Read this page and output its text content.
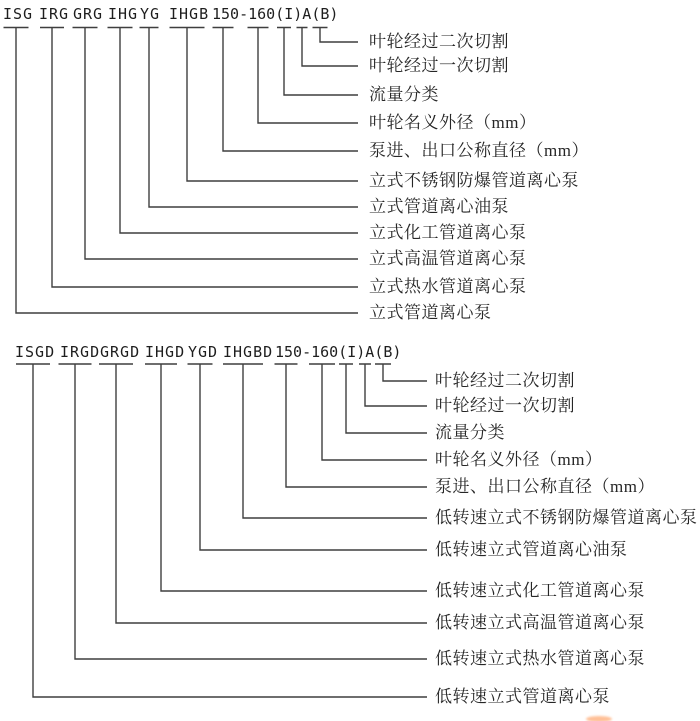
ISG IRG GRG IHG YG IHGB 150-160(I)A(B)
叶轮经过二次切割
叶轮经过一次切割
流量分类
叶轮名义外径（mm）
泵进、出口公称直径（mm）
立式不锈钢防爆管道离心泵
立式管道离心油泵
立式化工管道离心泵
立式高温管道离心泵
立式热水管道离心泵
立式管道离心泵
ISGD IRGD GRGD IHGD YGD IHGBD 150-160(I)A(B)
叶轮经过二次切割
叶轮经过一次切割
流量分类
叶轮名义外径（mm）
泵进、出口公称直径（mm）
低转速立式不锈钢防爆管道离心泵
低转速立式管道离心油泵
低转速立式化工管道离心泵
低转速立式高温管道离心泵
低转速立式热水管道离心泵
低转速立式管道离心泵
